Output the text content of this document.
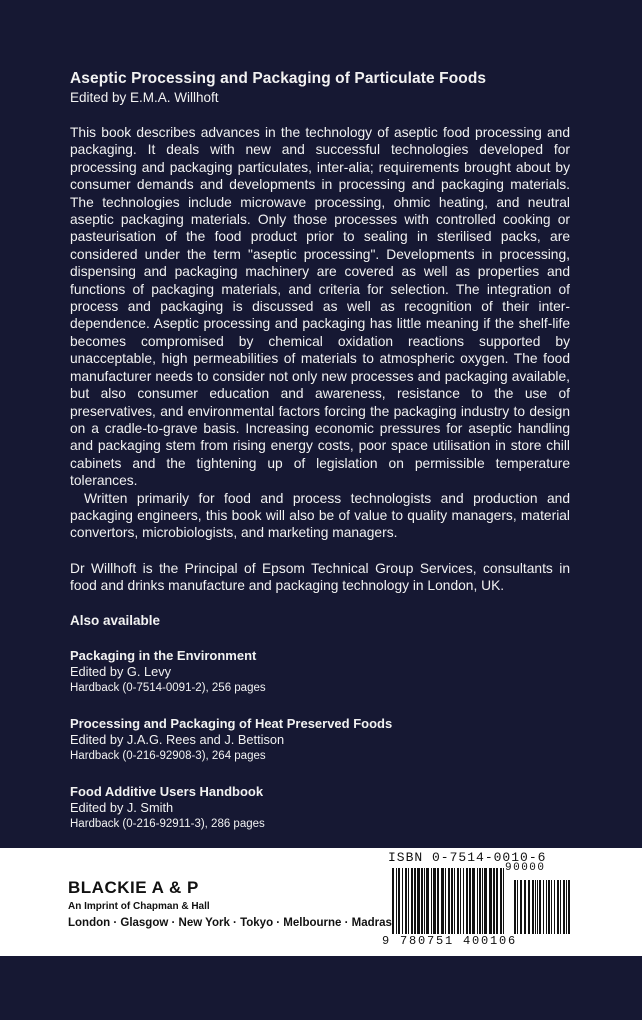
Aseptic Processing and Packaging of Particulate Foods
Edited by E.M.A. Willhoft

This book describes advances in the technology of aseptic food processing and packaging. It deals with new and successful technologies developed for processing and packaging particulates, inter-alia; requirements brought about by consumer demands and developments in processing and packaging materials. The technologies include microwave processing, ohmic heating, and neutral aseptic packaging materials. Only those processes with controlled cooking or pasteurisation of the food product prior to sealing in sterilised packs, are considered under the term "aseptic processing". Developments in processing, dispensing and packaging machinery are covered as well as properties and functions of packaging materials, and criteria for selection. The integration of process and packaging is discussed as well as recognition of their inter-dependence. Aseptic processing and packaging has little meaning if the shelf-life becomes compromised by chemical oxidation reactions supported by unacceptable, high permeabilities of materials to atmospheric oxygen. The food manufacturer needs to consider not only new processes and packaging available, but also consumer education and awareness, resistance to the use of preservatives, and environmental factors forcing the packaging industry to design on a cradle-to-grave basis. Increasing economic pressures for aseptic handling and packaging stem from rising energy costs, poor space utilisation in store chill cabinets and the tightening up of legislation on permissible temperature tolerances.

Written primarily for food and process technologists and production and packaging engineers, this book will also be of value to quality managers, material convertors, microbiologists, and marketing managers.

Dr Willhoft is the Principal of Epsom Technical Group Services, consultants in food and drinks manufacture and packaging technology in London, UK.
Also available
Packaging in the Environment
Edited by G. Levy
Hardback (0-7514-0091-2), 256 pages
Processing and Packaging of Heat Preserved Foods
Edited by J.A.G. Rees and J. Bettison
Hardback (0-216-92908-3), 264 pages
Food Additive Users Handbook
Edited by J. Smith
Hardback (0-216-92911-3), 286 pages
BLACKIE A & P
An Imprint of Chapman & Hall
London · Glasgow · New York · Tokyo · Melbourne · Madras
ISBN 0-7514-0010-6
90000
9 780751 400106
